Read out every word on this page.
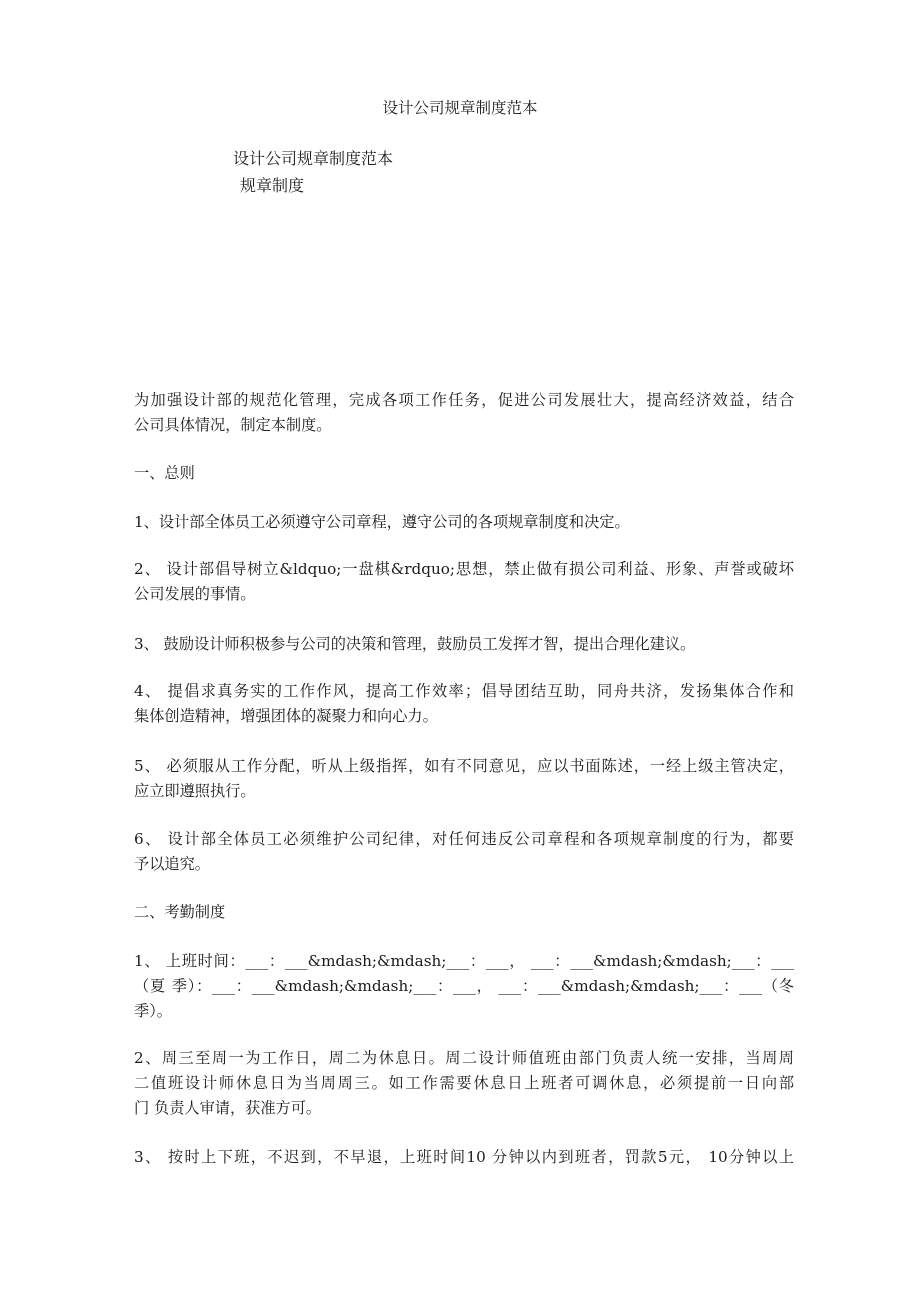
设计公司规章制度范本
设计公司规章制度范本
规章制度
为加强设计部的规范化管理，完成各项工作任务，促进公司发展壮大，提高经济效益，结合
公司具体情况，制定本制度。
一、总则
1、设计部全体员工必须遵守公司章程，遵守公司的各项规章制度和决定。
2、 设计部倡导树立&ldquo;一盘棋&rdquo;思想，禁止做有损公司利益、形象、声誉或破坏
公司发展的事情。
3、 鼓励设计师积极参与公司的决策和管理，鼓励员工发挥才智，提出合理化建议。
4、 提倡求真务实的工作作风，提高工作效率；倡导团结互助，同舟共济，发扬集体合作和
集体创造精神，增强团体的凝聚力和向心力。
5、 必须服从工作分配，听从上级指挥，如有不同意见，应以书面陈述，一经上级主管决定，
应立即遵照执行。
6、 设计部全体员工必须维护公司纪律，对任何违反公司章程和各项规章制度的行为，都要
予以追究。
二、考勤制度
1、 上班时间：___：___&mdash;&mdash;___：___， ___：___&mdash;&mdash;___：___
（夏 季）：___：___&mdash;&mdash;___：___， ___：___&mdash;&mdash;___：___（冬
季）。
2、周三至周一为工作日，周二为休息日。周二设计师值班由部门负责人统一安排，当周周
二值班设计师休息日为当周周三。如工作需要休息日上班者可调休息，必须提前一日向部
门 负责人审请，获准方可。
3、 按时上下班，不迟到，不早退，上班时间10 分钟以内到班者，罚款5元， 10分钟以上
